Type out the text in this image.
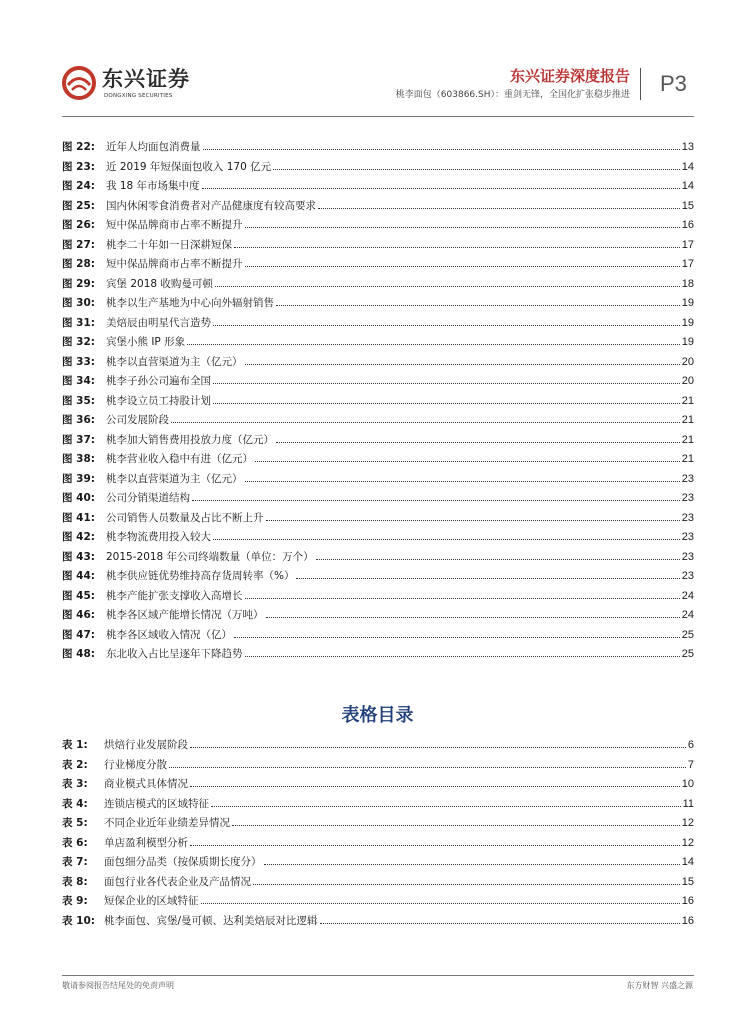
东兴证券
DONGXING SECURITIES
东兴证券深度报告
桃李面包（603866.SH）：重剑无锋，全国化扩张稳步推进 P3
图 22:	近年人均面包消费量	13
图 23:	近 2019 年短保面包收入 170 亿元	14
图 24:	我 18 年市场集中度	14
图 25:	国内休闲零食消费者对产品健康度有较高要求	15
图 26:	短中保品牌商市占率不断提升	16
图 27:	桃李二十年如一日深耕短保	17
图 28:	短中保品牌商市占率不断提升	17
图 29:	宾堡 2018 收购曼可顿	18
图 30:	桃李以生产基地为中心向外辐射销售	19
图 31:	美焙辰由明星代言造势	19
图 32:	宾堡小熊 IP 形象	19
图 33:	桃李以直营渠道为主（亿元）	20
图 34:	桃李子孙公司遍布全国	20
图 35:	桃李设立员工持股计划	21
图 36:	公司发展阶段	21
图 37:	桃李加大销售费用投放力度（亿元）	21
图 38:	桃李营业收入稳中有进（亿元）	21
图 39:	桃李以直营渠道为主（亿元）	23
图 40:	公司分销渠道结构	23
图 41:	公司销售人员数量及占比不断上升	23
图 42:	桃李物流费用投入较大	23
图 43:	2015-2018 年公司终端数量（单位：万个）	23
图 44:	桃李供应链优势维持高存货周转率（%）	23
图 45:	桃李产能扩张支撑收入高增长	24
图 46:	桃李各区域产能增长情况（万吨）	24
图 47:	桃李各区域收入情况（亿）	25
图 48:	东北收入占比呈逐年下降趋势	25
表格目录
表 1:	烘焙行业发展阶段	6
表 2:	行业梯度分散	7
表 3:	商业模式具体情况	10
表 4:	连锁店模式的区域特征	11
表 5:	不同企业近年业绩差异情况	12
表 6:	单店盈利模型分析	12
表 7:	面包细分品类（按保质期长度分）	14
表 8:	面包行业各代表企业及产品情况	15
表 9:	短保企业的区域特征	16
表 10: 桃李面包、宾堡/曼可顿、达利美焙辰对比逻辑	16
敬请参阅报告结尾处的免责声明	东方财智 兴盛之源
